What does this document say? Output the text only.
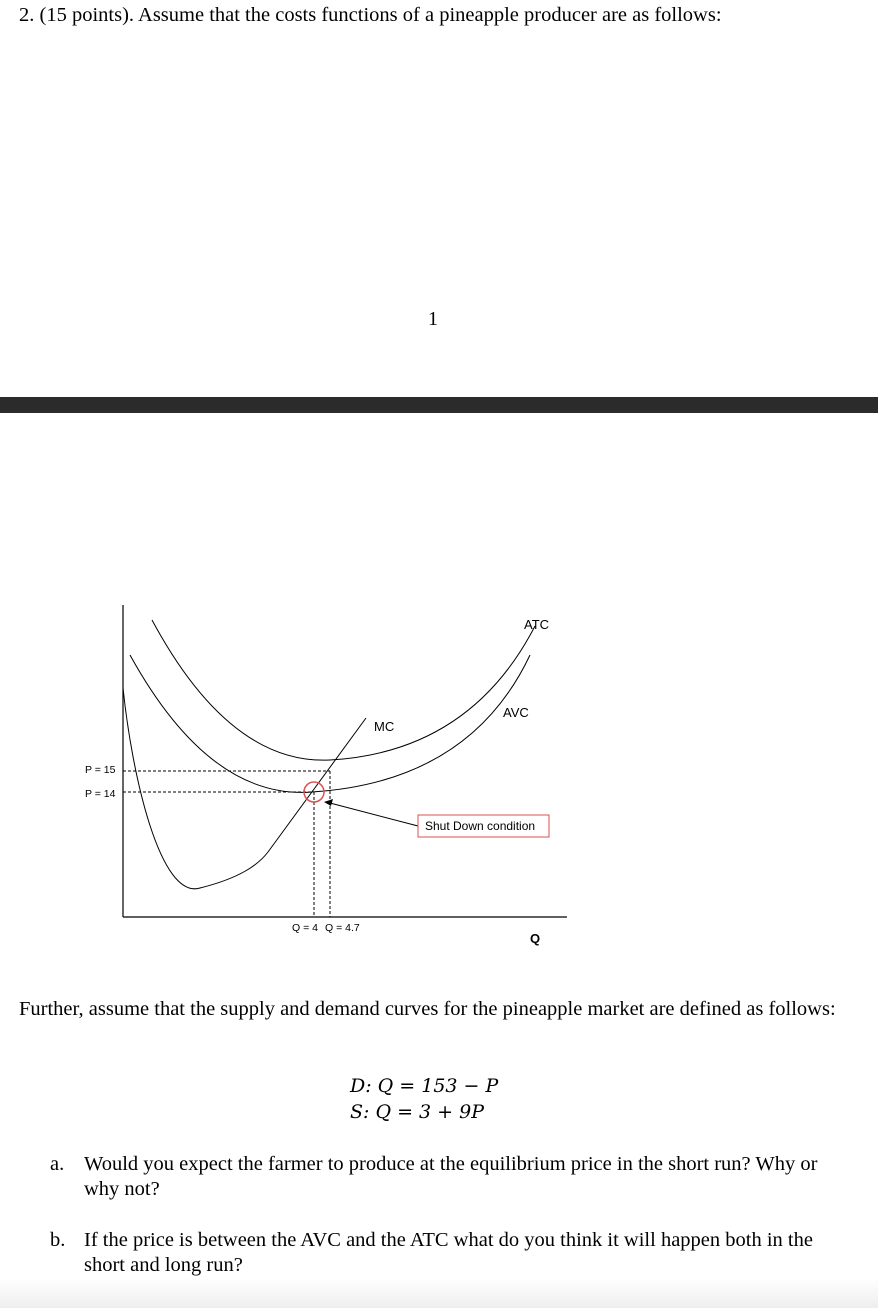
2. (15 points). Assume that the costs functions of a pineapple producer are as follows:
1
Shut Down condition
ATC
AVC
MC
P = 15
P = 14
Q = 4 Q = 4.7
Q
Further, assume that the supply and demand curves for the pineapple market are defined as follows:
D: Q = 153 − P
S: Q = 3 + 9P
a. Would you expect the farmer to produce at the equilibrium price in the short run? Why or why not?
b. If the price is between the AVC and the ATC what do you think it will happen both in the short and long run?
